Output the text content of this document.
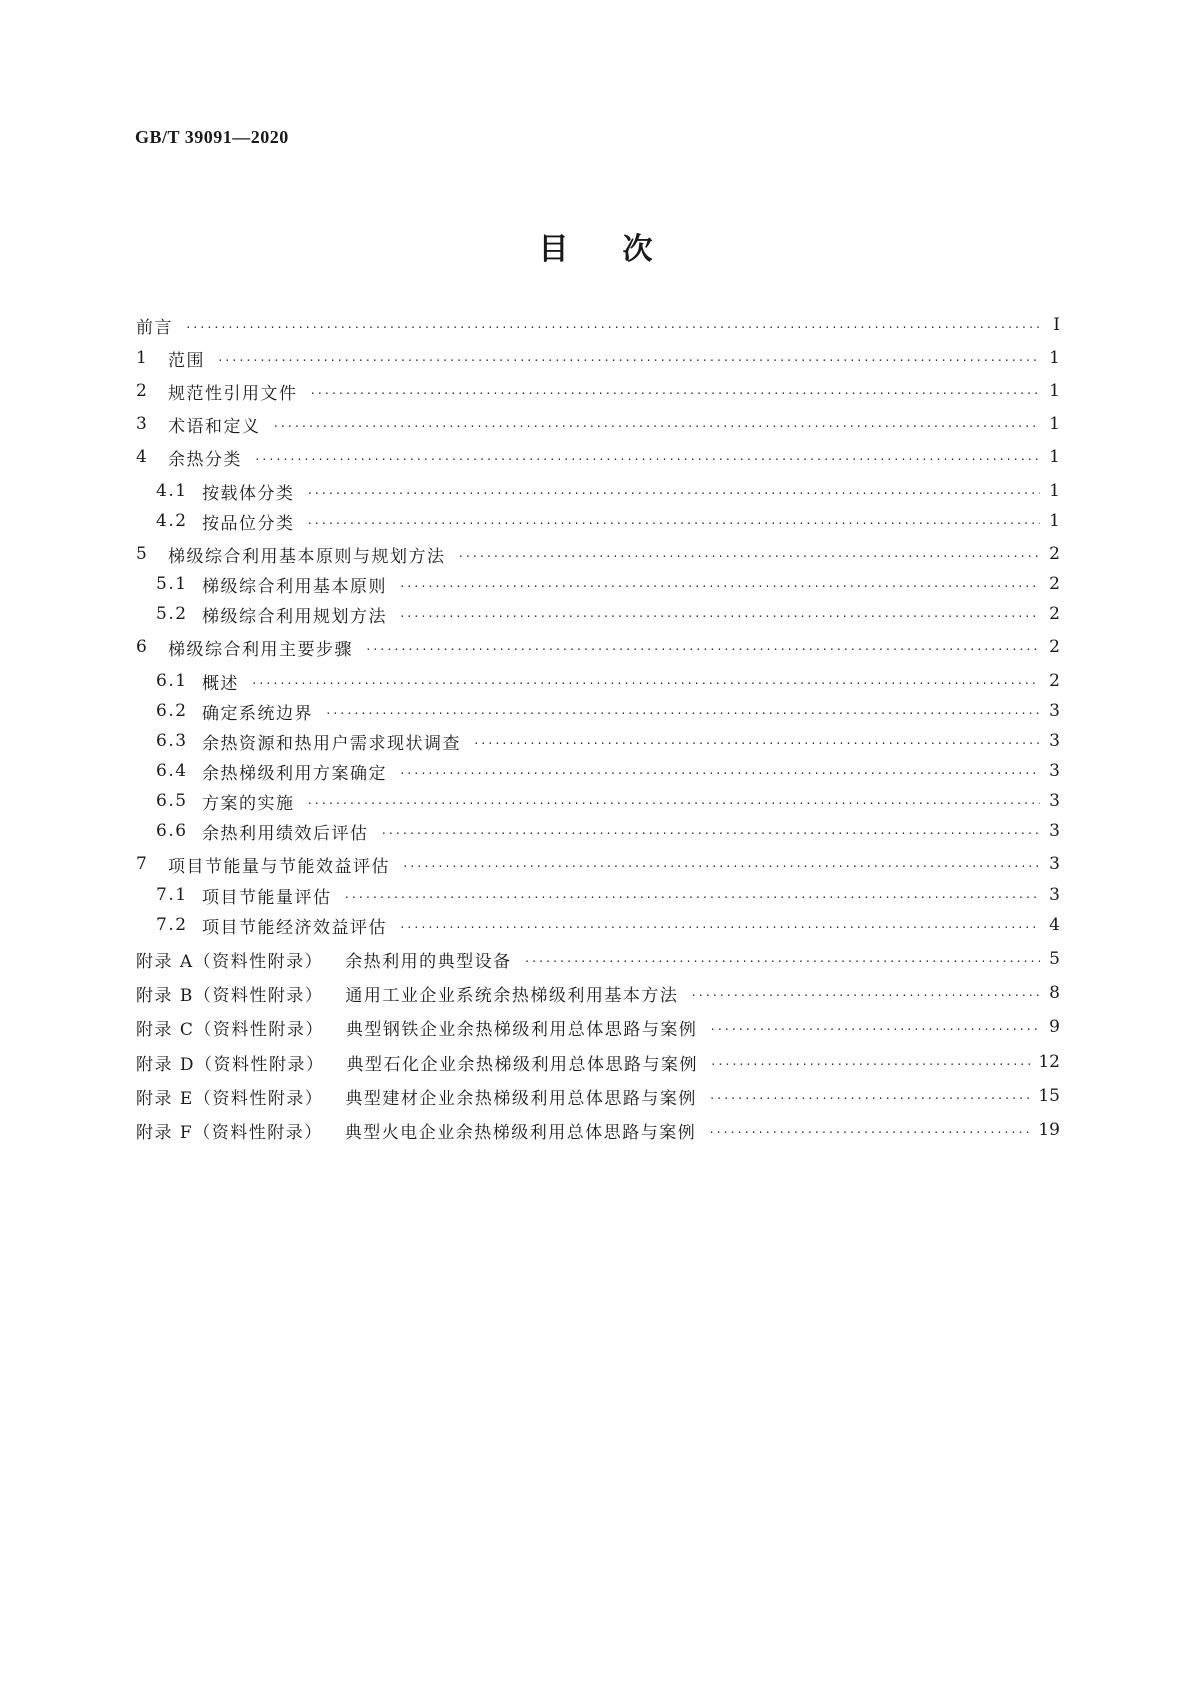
GB/T 39091—2020
目 次
前言 ·····	Ⅰ
1	范围 ·····	1
2	规范性引用文件 ·····	1
3	术语和定义 ·····	1
4	余热分类 ·····	1
4.1 按载体分类 ·····	1
4.2 按品位分类 ·····	1
5	梯级综合利用基本原则与规划方法 ·····	2
5.1 梯级综合利用基本原则 ·····	2
5.2 梯级综合利用规划方法 ·····	2
6	梯级综合利用主要步骤 ·····	2
6.1 概述 ·····	2
6.2 确定系统边界 ·····	3
6.3 余热资源和热用户需求现状调查 ·····	3
6.4 余热梯级利用方案确定 ·····	3
6.5 方案的实施 ·····	3
6.6 余热利用绩效后评估 ·····	3
7	项目节能量与节能效益评估 ·····	3
7.1 项目节能量评估 ·····	3
7.2 项目节能经济效益评估 ·····	4
附录 A（资料性附录） 余热利用的典型设备 ·····	5
附录 B（资料性附录） 通用工业企业系统余热梯级利用基本方法 ·····	8
附录 C（资料性附录） 典型钢铁企业余热梯级利用总体思路与案例 ·····	9
附录 D（资料性附录） 典型石化企业余热梯级利用总体思路与案例 ·····	12
附录 E（资料性附录） 典型建材企业余热梯级利用总体思路与案例 ·····	15
附录 F（资料性附录） 典型火电企业余热梯级利用总体思路与案例 ·····	19
